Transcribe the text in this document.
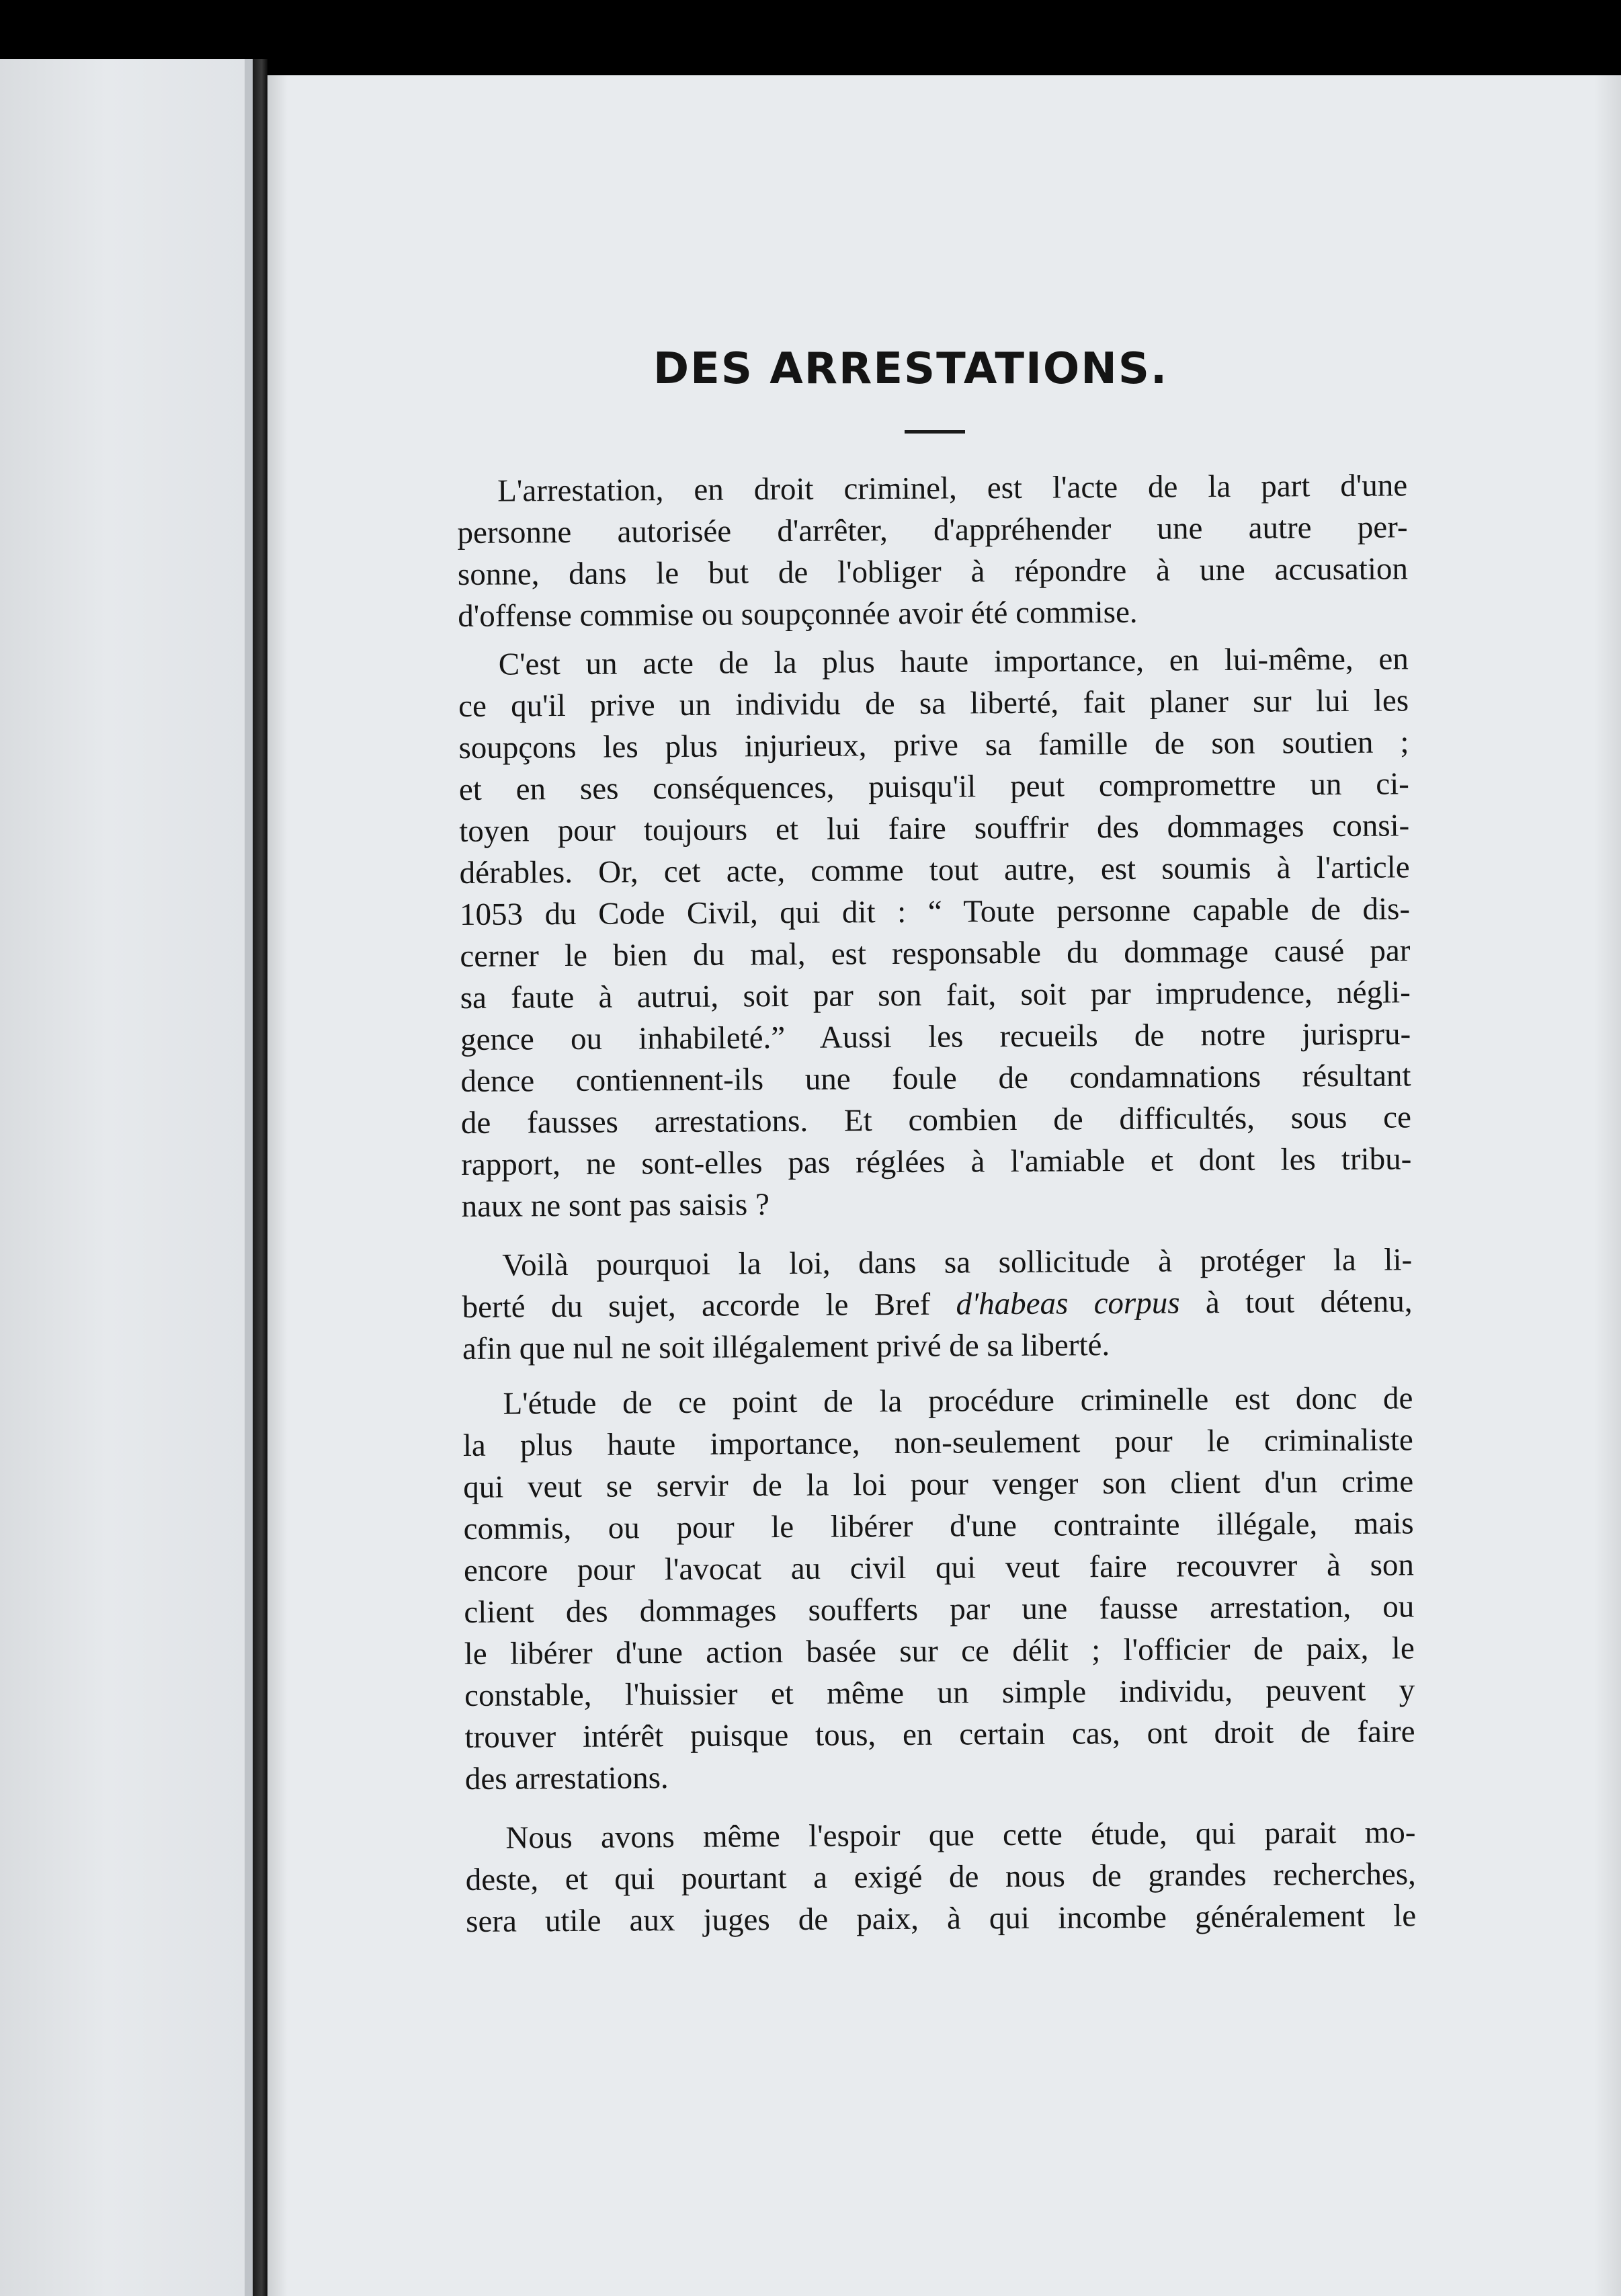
DES ARRESTATIONS.
L'arrestation, en droit criminel, est l'acte de la part d'une
personne autorisée d'arrêter, d'appréhender une autre per-
sonne, dans le but de l'obliger à répondre à une accusation
d'offense commise ou soupçonnée avoir été commise.
C'est un acte de la plus haute importance, en lui-même, en
ce qu'il prive un individu de sa liberté, fait planer sur lui les
soupçons les plus injurieux, prive sa famille de son soutien ;
et en ses conséquences, puisqu'il peut compromettre un ci-
toyen pour toujours et lui faire souffrir des dommages consi-
dérables. Or, cet acte, comme tout autre, est soumis à l'article
1053 du Code Civil, qui dit : “ Toute personne capable de dis-
cerner le bien du mal, est responsable du dommage causé par
sa faute à autrui, soit par son fait, soit par imprudence, négli-
gence ou inhabileté.” Aussi les recueils de notre jurispru-
dence contiennent-ils une foule de condamnations résultant
de fausses arrestations. Et combien de difficultés, sous ce
rapport, ne sont-elles pas réglées à l'amiable et dont les tribu-
naux ne sont pas saisis ?
Voilà pourquoi la loi, dans sa sollicitude à protéger la li-
berté du sujet, accorde le Bref d'habeas corpus à tout détenu,
afin que nul ne soit illégalement privé de sa liberté.
L'étude de ce point de la procédure criminelle est donc de
la plus haute importance, non-seulement pour le criminaliste
qui veut se servir de la loi pour venger son client d'un crime
commis, ou pour le libérer d'une contrainte illégale, mais
encore pour l'avocat au civil qui veut faire recouvrer à son
client des dommages soufferts par une fausse arrestation, ou
le libérer d'une action basée sur ce délit ; l'officier de paix, le
constable, l'huissier et même un simple individu, peuvent y
trouver intérêt puisque tous, en certain cas, ont droit de faire
des arrestations.
Nous avons même l'espoir que cette étude, qui parait mo-
deste, et qui pourtant a exigé de nous de grandes recherches,
sera utile aux juges de paix, à qui incombe généralement le
